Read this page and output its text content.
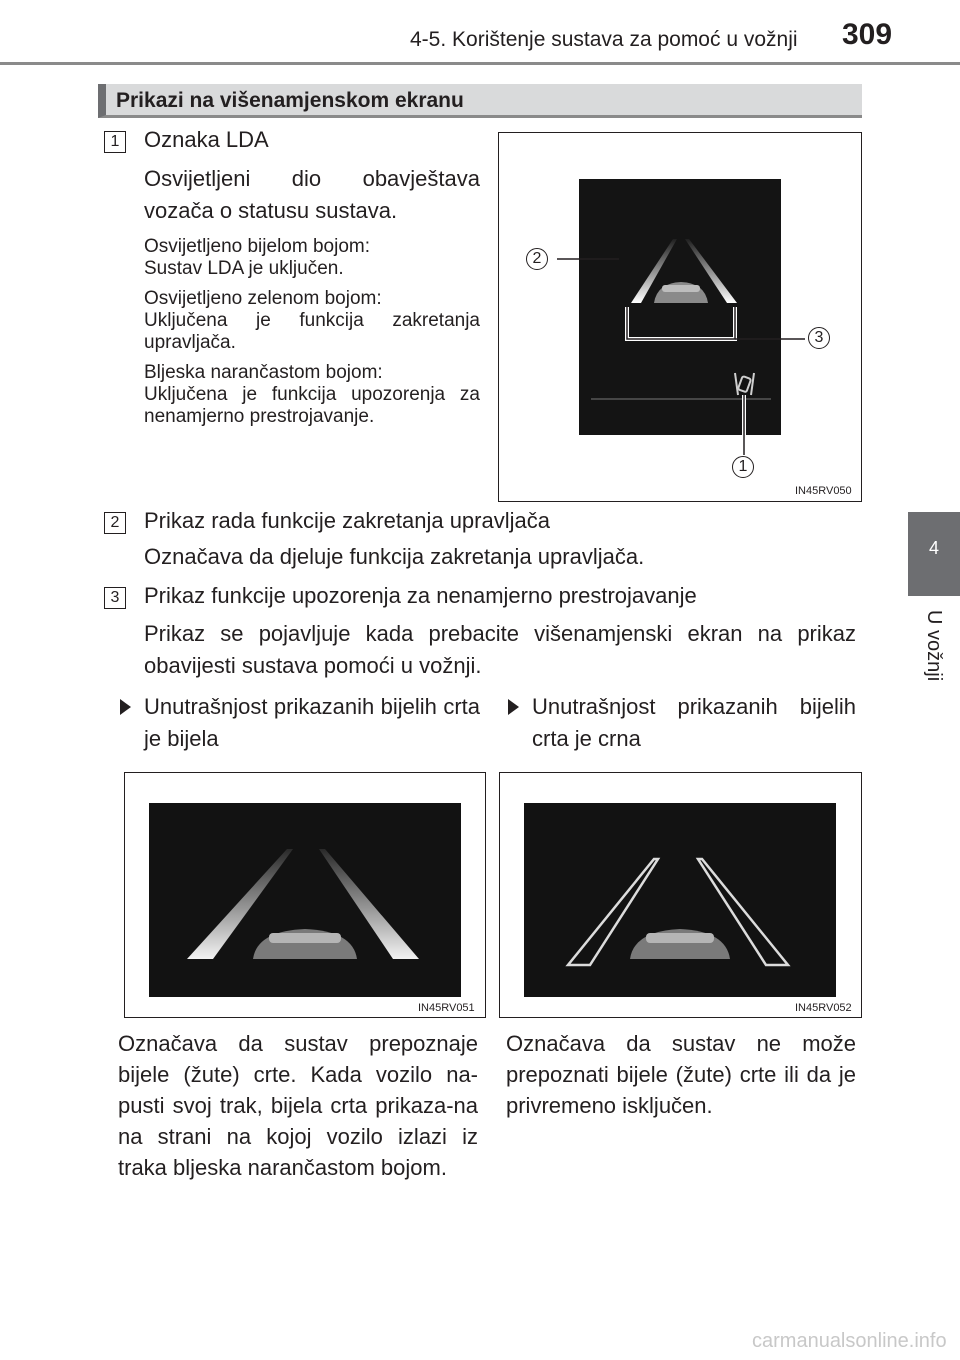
4-5. Korištenje sustava za pomoć u vožnji 309
4
U vožnji
Prikazi na višenamjenskom ekranu
1 Oznaka LDA
Osvijetljeni dio obavještava vozača o statusu sustava.
Osvijetljeno bijelom bojom:
Sustav LDA je uključen.
Osvijetljeno zelenom bojom:
Uključena je funkcija zakretanja upravljača.
Bljeska narančastom bojom:
Uključena je funkcija upozorenja za nenamjerno prestrojavanje.
2
3
1
IN45RV050
2 Prikaz rada funkcije zakretanja upravljača
Označava da djeluje funkcija zakretanja upravljača.
3 Prikaz funkcije upozorenja za nenamjerno prestrojavanje
Prikaz se pojavljuje kada prebacite višenamjenski ekran na prikaz obavijesti sustava pomoći u vožnji.
Unutrašnjost prikazanih bijelih crta je bijela
Unutrašnjost prikazanih bijelih crta je crna
IN45RV051	IN45RV052
Označava da sustav prepoznaje bijele (žute) crte. Kada vozilo na-pusti svoj trak, bijela crta prikaza-na na strani na kojoj vozilo izlazi iz traka bljeska narančastom bojom.
Označava da sustav ne može prepoznati bijele (žute) crte ili da je privremeno isključen.
carmanualsonline.info
